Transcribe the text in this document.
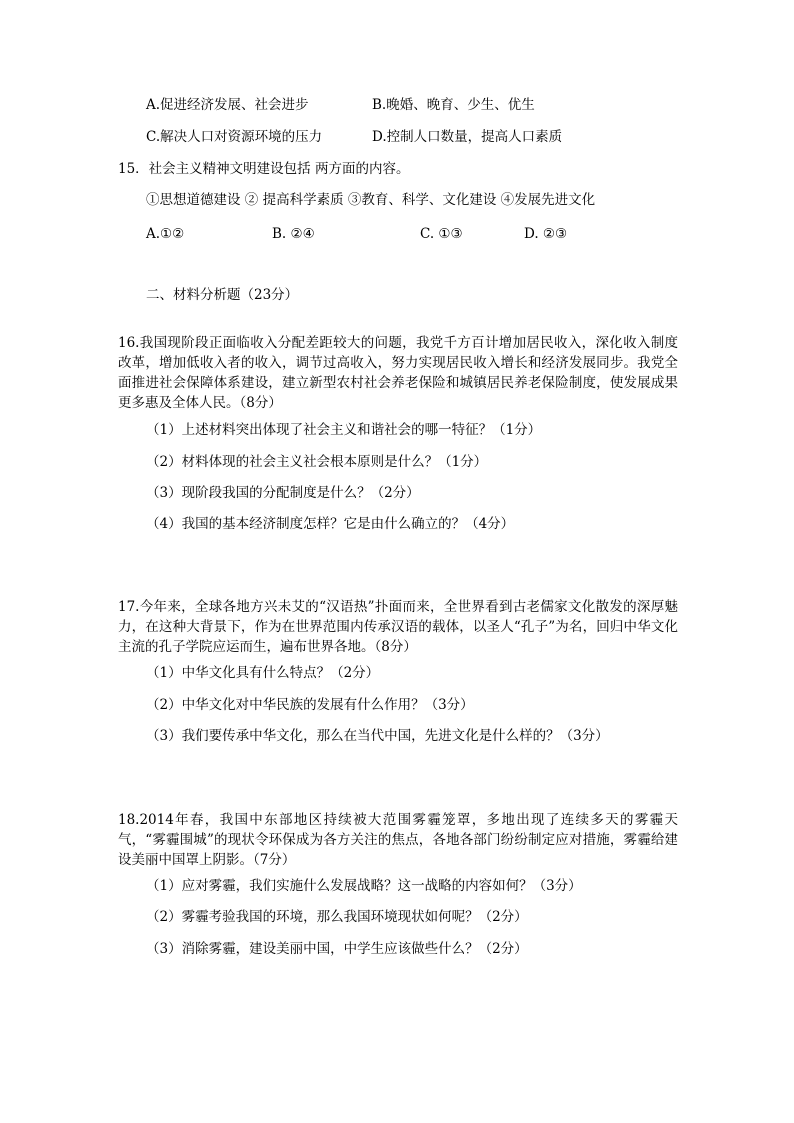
A.促进经济发展、社会进步	B.晚婚、晚育、少生、优生
C.解决人口对资源环境的压力	D.控制人口数量，提高人口素质
15．社会主义精神文明建设包括 两方面的内容。
①思想道德建设 ② 提高科学素质 ③教育、科学、文化建设 ④发展先进文化
A.①②	B. ②④	C. ①③	D. ②③
二、材料分析题（23分）
16.我国现阶段正面临收入分配差距较大的问题，我党千方百计增加居民收入，深化收入制度改革，增加低收入者的收入，调节过高收入，努力实现居民收入增长和经济发展同步。我党全面推进社会保障体系建设，建立新型农村社会养老保险和城镇居民养老保险制度，使发展成果更多惠及全体人民。（8分）
（1）上述材料突出体现了社会主义和谐社会的哪一特征？（1分）
（2）材料体现的社会主义社会根本原则是什么？（1分）
（3）现阶段我国的分配制度是什么？（2分）
（4）我国的基本经济制度怎样？它是由什么确立的？（4分）
17.今年来，全球各地方兴未艾的“汉语热”扑面而来，全世界看到古老儒家文化散发的深厚魅力，在这种大背景下，作为在世界范围内传承汉语的载体，以圣人“孔子”为名，回归中华文化主流的孔子学院应运而生，遍布世界各地。（8分）
（1）中华文化具有什么特点？（2分）
（2）中华文化对中华民族的发展有什么作用？（3分）
（3）我们要传承中华文化，那么在当代中国，先进文化是什么样的？（3分）
18.2014年春，我国中东部地区持续被大范围雾霾笼罩，多地出现了连续多天的雾霾天气，“雾霾围城”的现状令环保成为各方关注的焦点，各地各部门纷纷制定应对措施，雾霾给建设美丽中国罩上阴影。（7分）
（1）应对雾霾，我们实施什么发展战略？这一战略的内容如何？（3分）
（2）雾霾考验我国的环境，那么我国环境现状如何呢？（2分）
（3）消除雾霾，建设美丽中国，中学生应该做些什么？（2分）
